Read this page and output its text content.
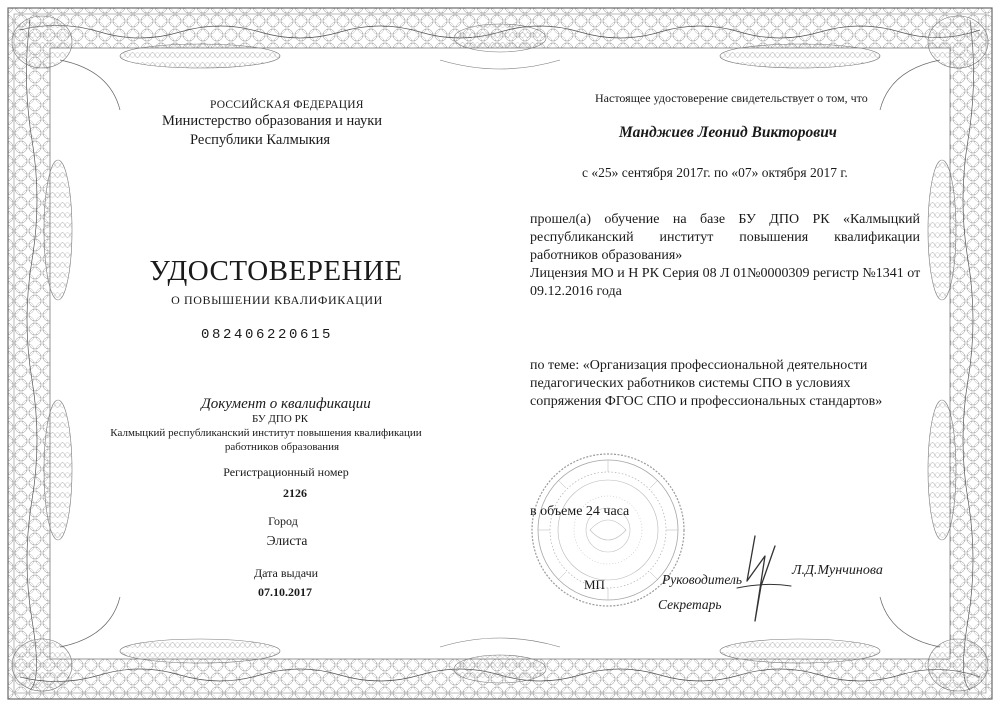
РОССИЙСКАЯ ФЕДЕРАЦИЯ
Министерство образования и науки
Республики Калмыкия
УДОСТОВЕРЕНИЕ
О ПОВЫШЕНИИ КВАЛИФИКАЦИИ
082406220615
Документ о квалификации
БУ ДПО РК
Калмыцкий республиканский институт повышения квалификации
работников образования
Регистрационный номер
2126
Город
Элиста
Дата выдачи
07.10.2017
Настоящее удостоверение свидетельствует о том, что
Манджиев Леонид Викторович
с «25» сентября 2017г. по «07» октября 2017 г.
прошел(а) обучение на базе БУ ДПО РК «Калмыцкий
республиканский институт повышения квалификации
работников образования»
Лицензия МО и Н РК Серия 08 Л 01№0000309 регистр №1341 от
09.12.2016 года
по теме: «Организация профессиональной деятельности
педагогических работников системы СПО в условиях
сопряжения ФГОС СПО и профессиональных стандартов»
в объеме 24 часа
Руководитель
Л.Д.Мунчинова
МП
Секретарь
